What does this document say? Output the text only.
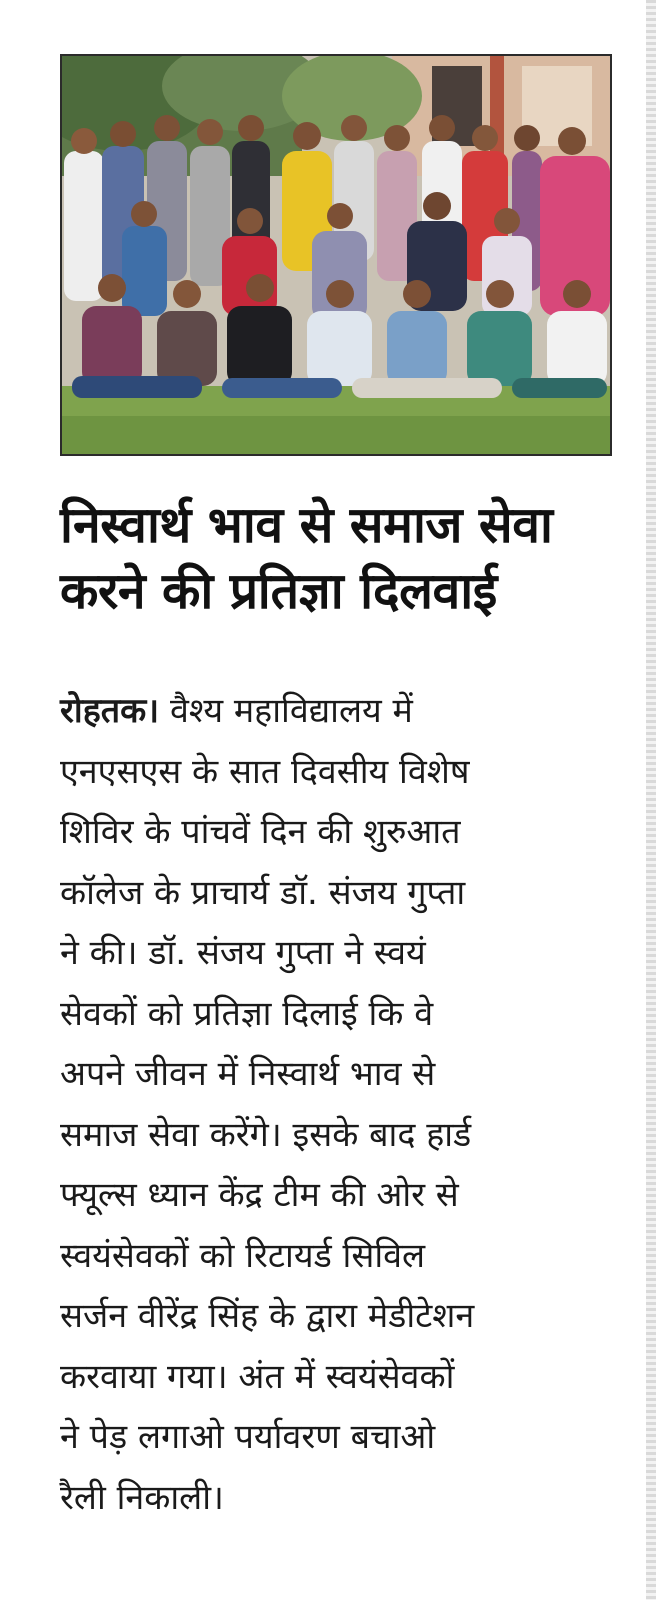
निस्वार्थ भाव से समाज सेवा
करने की प्रतिज्ञा दिलवाई
रोहतक। वैश्य महाविद्यालय में
एनएसएस के सात दिवसीय विशेष
शिविर के पांचवें दिन की शुरुआत
कॉलेज के प्राचार्य डॉ. संजय गुप्ता
ने की। डॉ. संजय गुप्ता ने स्वयं
सेवकों को प्रतिज्ञा दिलाई कि वे
अपने जीवन में निस्वार्थ भाव से
समाज सेवा करेंगे। इसके बाद हार्ड
फ्यूल्स ध्यान केंद्र टीम की ओर से
स्वयंसेवकों को रिटायर्ड सिविल
सर्जन वीरेंद्र सिंह के द्वारा मेडीटेशन
करवाया गया। अंत में स्वयंसेवकों
ने पेड़ लगाओ पर्यावरण बचाओ
रैली निकाली।
